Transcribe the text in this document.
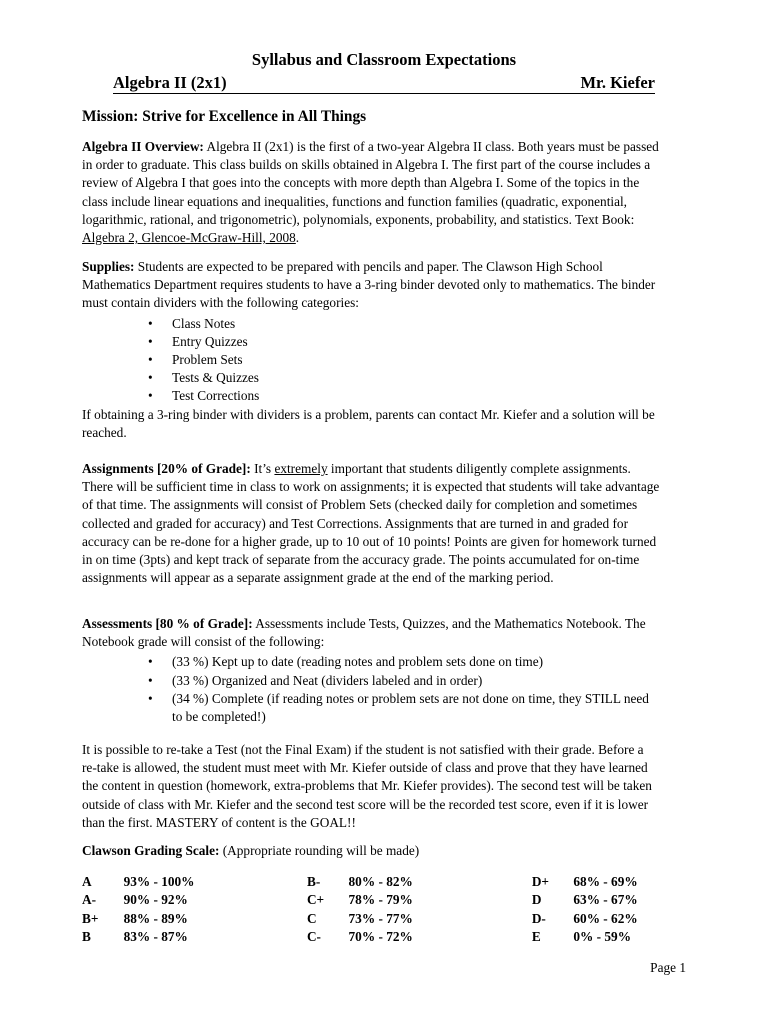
Syllabus and Classroom Expectations
Algebra II (2x1)	Mr. Kiefer
Mission: Strive for Excellence in All Things

Algebra II Overview: Algebra II (2x1) is the first of a two-year Algebra II class. Both years must be passed in order to graduate. This class builds on skills obtained in Algebra I. The first part of the course includes a review of Algebra I that goes into the concepts with more depth than Algebra I. Some of the topics in the class include linear equations and inequalities, functions and function families (quadratic, exponential, logarithmic, rational, and trigonometric), polynomials, exponents, probability, and statistics. Text Book: Algebra 2, Glencoe-McGraw-Hill, 2008.

Supplies: Students are expected to be prepared with pencils and paper. The Clawson High School Mathematics Department requires students to have a 3-ring binder devoted only to mathematics. The binder must contain dividers with the following categories:

• Class Notes
• Entry Quizzes
• Problem Sets
• Tests & Quizzes
• Test Corrections

If obtaining a 3-ring binder with dividers is a problem, parents can contact Mr. Kiefer and a solution will be reached.

Assignments [20% of Grade]: It’s extremely important that students diligently complete assignments. There will be sufficient time in class to work on assignments; it is expected that students will take advantage of that time. The assignments will consist of Problem Sets (checked daily for completion and sometimes collected and graded for accuracy) and Test Corrections. Assignments that are turned in and graded for accuracy can be re-done for a higher grade, up to 10 out of 10 points! Points are given for homework turned in on time (3pts) and kept track of separate from the accuracy grade. The points accumulated for on-time assignments will appear as a separate assignment grade at the end of the marking period.

Assessments [80 % of Grade]: Assessments include Tests, Quizzes, and the Mathematics Notebook. The Notebook grade will consist of the following:

• (33 %) Kept up to date (reading notes and problem sets done on time)
• (33 %) Organized and Neat (dividers labeled and in order)
• (34 %) Complete (if reading notes or problem sets are not done on time, they STILL need to be completed!)

It is possible to re-take a Test (not the Final Exam) if the student is not satisfied with their grade. Before a re-take is allowed, the student must meet with Mr. Kiefer outside of class and prove that they have learned the content in question (homework, extra-problems that Mr. Kiefer provides). The second test will be taken outside of class with Mr. Kiefer and the second test score will be the recorded test score, even if it is lower than the first. MASTERY of content is the GOAL!!

Clawson Grading Scale: (Appropriate rounding will be made)

A	93% - 100%	B-	80% - 82%	D+	68% - 69%
A-	90% - 92%	C+	78% - 79%	D	63% - 67%
B+	88% - 89%	C	73% - 77%	D-	60% - 62%
B	83% - 87%	C-	70% - 72%	E	0% - 59%
Page 1
